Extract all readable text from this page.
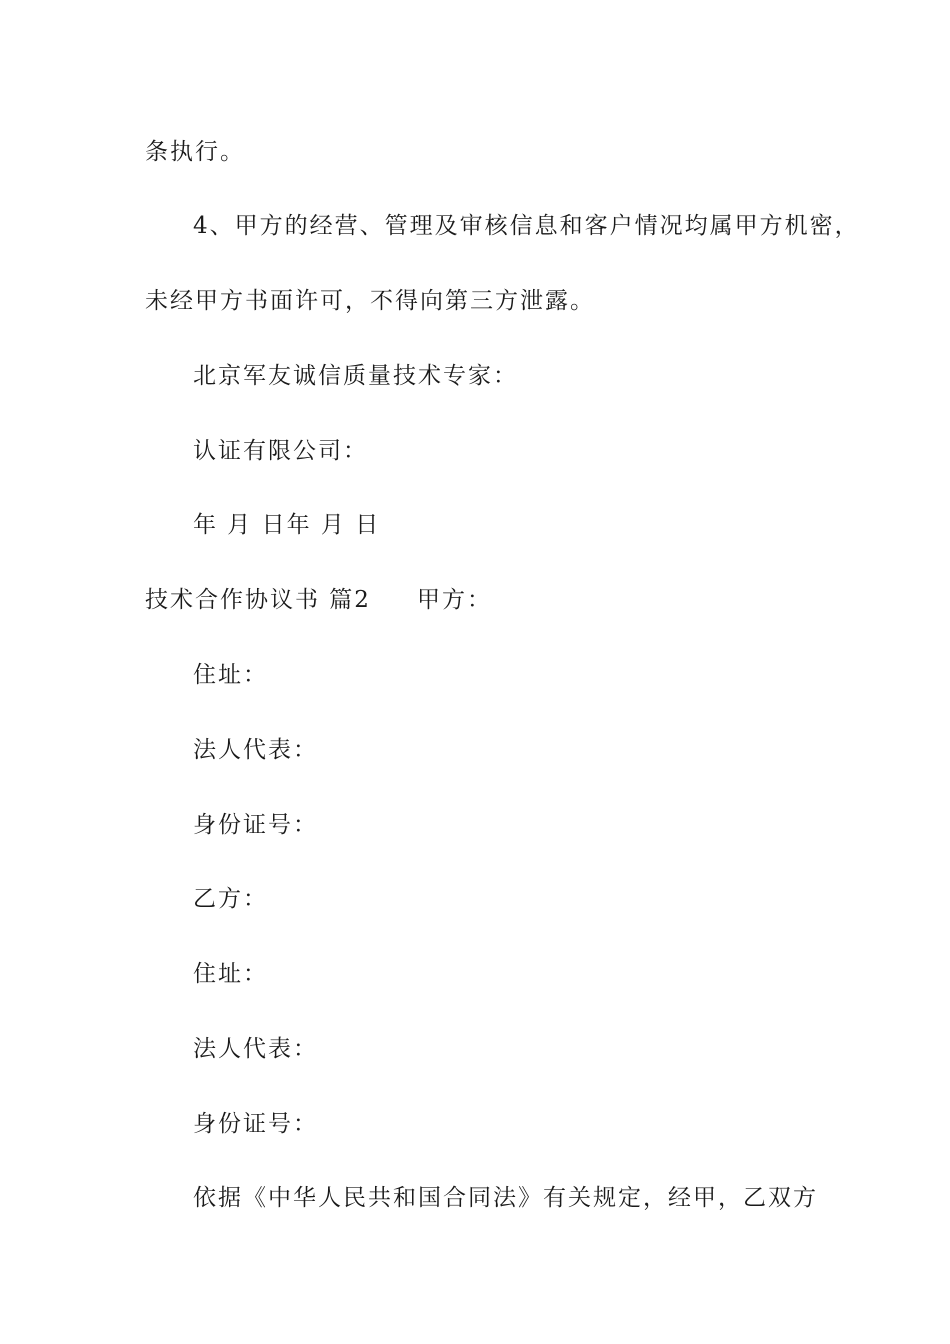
条执行。
4、甲方的经营、管理及审核信息和客户情况均属甲方机密，
未经甲方书面许可，不得向第三方泄露。
北京军友诚信质量技术专家：
认证有限公司：
年 月 日年 月 日
技术合作协议书 篇2 甲方：
住址：
法人代表：
身份证号：
乙方：
住址：
法人代表：
身份证号：
依据《中华人民共和国合同法》有关规定，经甲，乙双方
